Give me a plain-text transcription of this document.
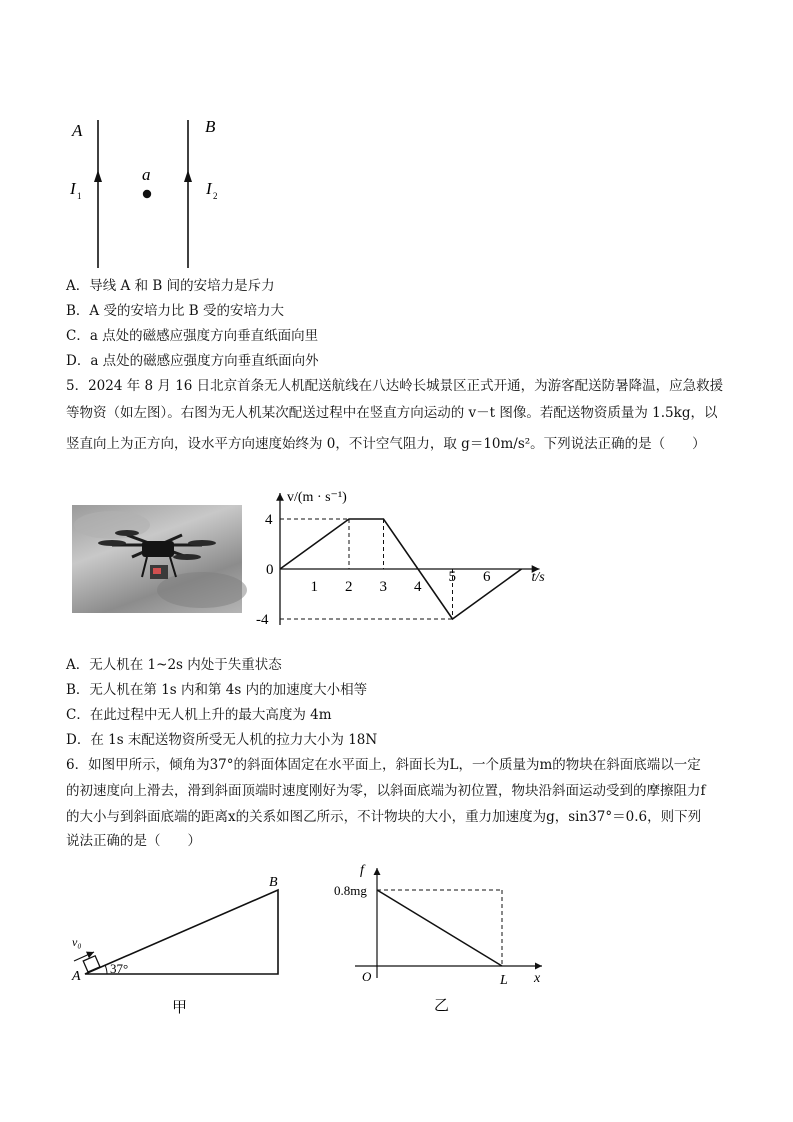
A	B
a
I 1	I 2
A．导线 A 和 B 间的安培力是斥力
B．A 受的安培力比 B 受的安培力大
C．a 点处的磁感应强度方向垂直纸面向里
D．a 点处的磁感应强度方向垂直纸面向外
5．2024 年 8 月 16 日北京首条无人机配送航线在八达岭长城景区正式开通，为游客配送防暑降温，应急救援
等物资（如左图）。右图为无人机某次配送过程中在竖直方向运动的 v－t 图像。若配送物资质量为 1.5kg，以
竖直向上为正方向，设水平方向速度始终为 0，不计空气阻力，取 g＝10m/s²。下列说法正确的是（　　）
1 2 3 4
5 6
4
0
-4
v/(m · s⁻¹)
t/s
A．无人机在 1~2s 内处于失重状态
B．无人机在第 1s 内和第 4s 内的加速度大小相等
C．在此过程中无人机上升的最大高度为 4m
D．在 1s 末配送物资所受无人机的拉力大小为 18N
6．如图甲所示，倾角为37°的斜面体固定在水平面上，斜面长为L，一个质量为m的物块在斜面底端以一定
的初速度向上滑去，滑到斜面顶端时速度刚好为零，以斜面底端为初位置，物块沿斜面运动受到的摩擦阻力f
的大小与到斜面底端的距离x的关系如图乙所示，不计物块的大小，重力加速度为g，sin37°＝0.6，则下列
说法正确的是（　　）
37°
B
A
v₀
甲
f
x
O
0.8mg
L
乙
